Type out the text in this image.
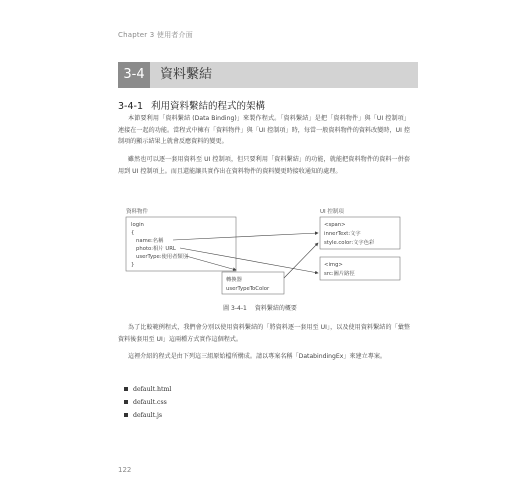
Chapter 3 使用者介面
3-4	資料繫結
3-4-1 利用資料繫結的程式的架構
本節要利用「資料繫結 (Data Binding)」來製作程式。「資料繫結」是把「資料物件」與「UI 控制項」連接在一起的功能。當程式中擁有「資料物件」與「UI 控制項」時，每當一般資料物件的資料改變時，UI 控制項的顯示結果上就會反應資料的變更。
雖然也可以逐一套用資料至 UI 控制項，但只要利用「資料繫結」的功能，就能把資料物件的資料一併套用到 UI 控制項上。而且還能讓具實作出在資料物件的資料變更時接收通知的處理。
資料物件	UI 控制項
login
{
name:名稱
photo:相片 URL
userType:使用者類別
}
<span>
innerText:文字
style.color:文字色彩
<img>
src:圖片路徑
轉換器
userTypeToColor
圖 3-4-1 資料繫結的概要
為了比較範例程式，我們會分別以使用資料繫結的「將資料逐一套用至 UI」，以及使用資料繫結的「彙整資料後套用至 UI」這兩種方式實作這個程式。
這裡介紹的程式是由下列這三組原始檔所構成。請以專案名稱「DatabindingEx」來建立專案。
default.html
default.css
default.js
122
